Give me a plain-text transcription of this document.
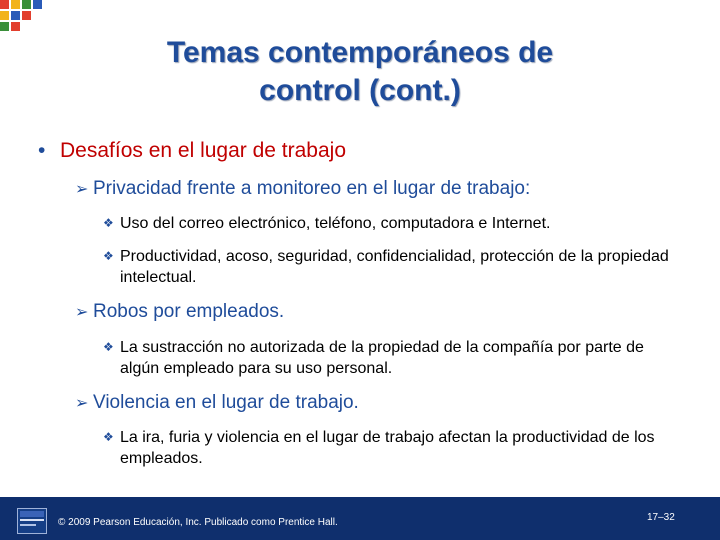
Temas contemporáneos de
control (cont.)
• Desafíos en el lugar de trabajo
➢ Privacidad frente a monitoreo en el lugar de trabajo:
❖ Uso del correo electrónico, teléfono, computadora e Internet.
❖ Productividad, acoso, seguridad, confidencialidad, protección de la propiedad intelectual.
➢ Robos por empleados.
❖ La sustracción no autorizada de la propiedad de la compañía por parte de algún empleado para su uso personal.
➢ Violencia en el lugar de trabajo.
❖ La ira, furia y violencia en el lugar de trabajo afectan la productividad de los empleados.
© 2009 Pearson Educación, Inc. Publicado como Prentice Hall.	17–32
